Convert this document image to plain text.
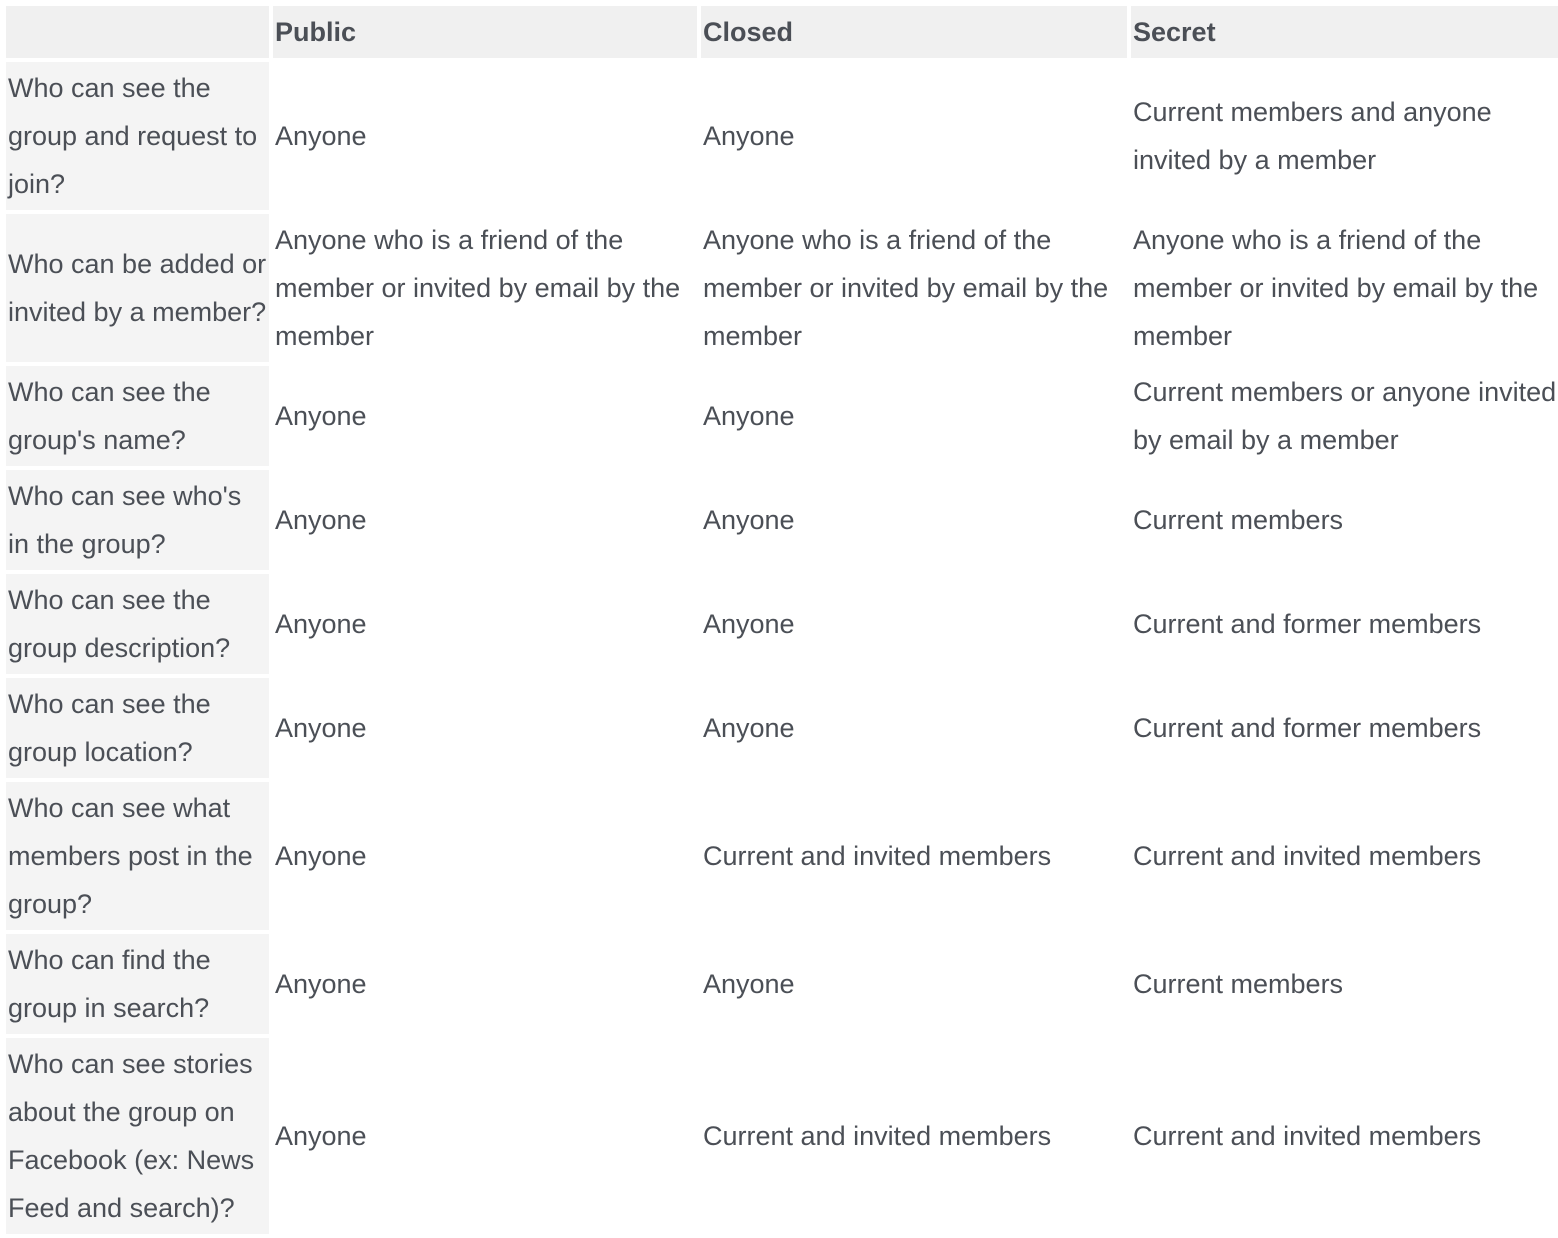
	Public	Closed	Secret
Who can see the group and request to join?	Anyone	Anyone	Current members and anyone invited by a member
Who can be added or invited by a member?	Anyone who is a friend of the member or invited by email by the member	Anyone who is a friend of the member or invited by email by the member	Anyone who is a friend of the member or invited by email by the member
Who can see the group's name?	Anyone	Anyone	Current members or anyone invited by email by a member
Who can see who's in the group?	Anyone	Anyone	Current members
Who can see the group description?	Anyone	Anyone	Current and former members
Who can see the group location?	Anyone	Anyone	Current and former members
Who can see what members post in the group?	Anyone	Current and invited members	Current and invited members
Who can find the group in search?	Anyone	Anyone	Current members
Who can see stories about the group on Facebook (ex: News Feed and search)?	Anyone	Current and invited members	Current and invited members
